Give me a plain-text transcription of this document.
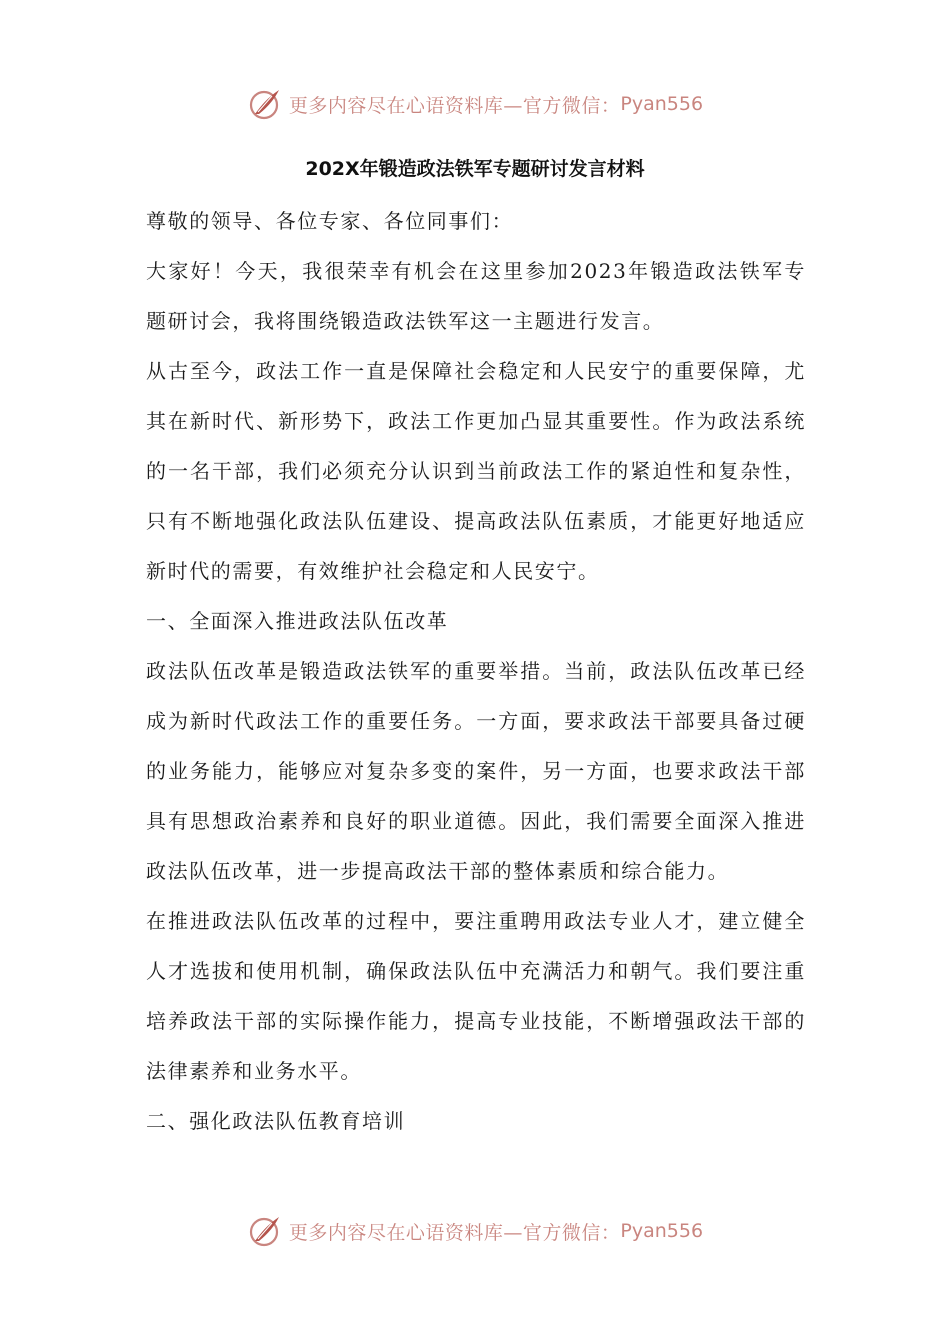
更多内容尽在心语资料库—官方微信： Pyan556
202X年锻造政法铁军专题研讨发言材料

尊敬的领导、各位专家、各位同事们：

大家好！今天，我很荣幸有机会在这里参加2023年锻造政法铁军专题研讨会，我将围绕锻造政法铁军这一主题进行发言。

从古至今，政法工作一直是保障社会稳定和人民安宁的重要保障，尤其在新时代、新形势下，政法工作更加凸显其重要性。作为政法系统的一名干部，我们必须充分认识到当前政法工作的紧迫性和复杂性，只有不断地强化政法队伍建设、提高政法队伍素质，才能更好地适应新时代的需要，有效维护社会稳定和人民安宁。

一、全面深入推进政法队伍改革

政法队伍改革是锻造政法铁军的重要举措。当前，政法队伍改革已经成为新时代政法工作的重要任务。一方面，要求政法干部要具备过硬的业务能力，能够应对复杂多变的案件，另一方面，也要求政法干部具有思想政治素养和良好的职业道德。因此，我们需要全面深入推进政法队伍改革，进一步提高政法干部的整体素质和综合能力。

在推进政法队伍改革的过程中，要注重聘用政法专业人才，建立健全人才选拔和使用机制，确保政法队伍中充满活力和朝气。我们要注重培养政法干部的实际操作能力，提高专业技能，不断增强政法干部的法律素养和业务水平。

二、强化政法队伍教育培训

更多内容尽在心语资料库—官方微信： Pyan556
